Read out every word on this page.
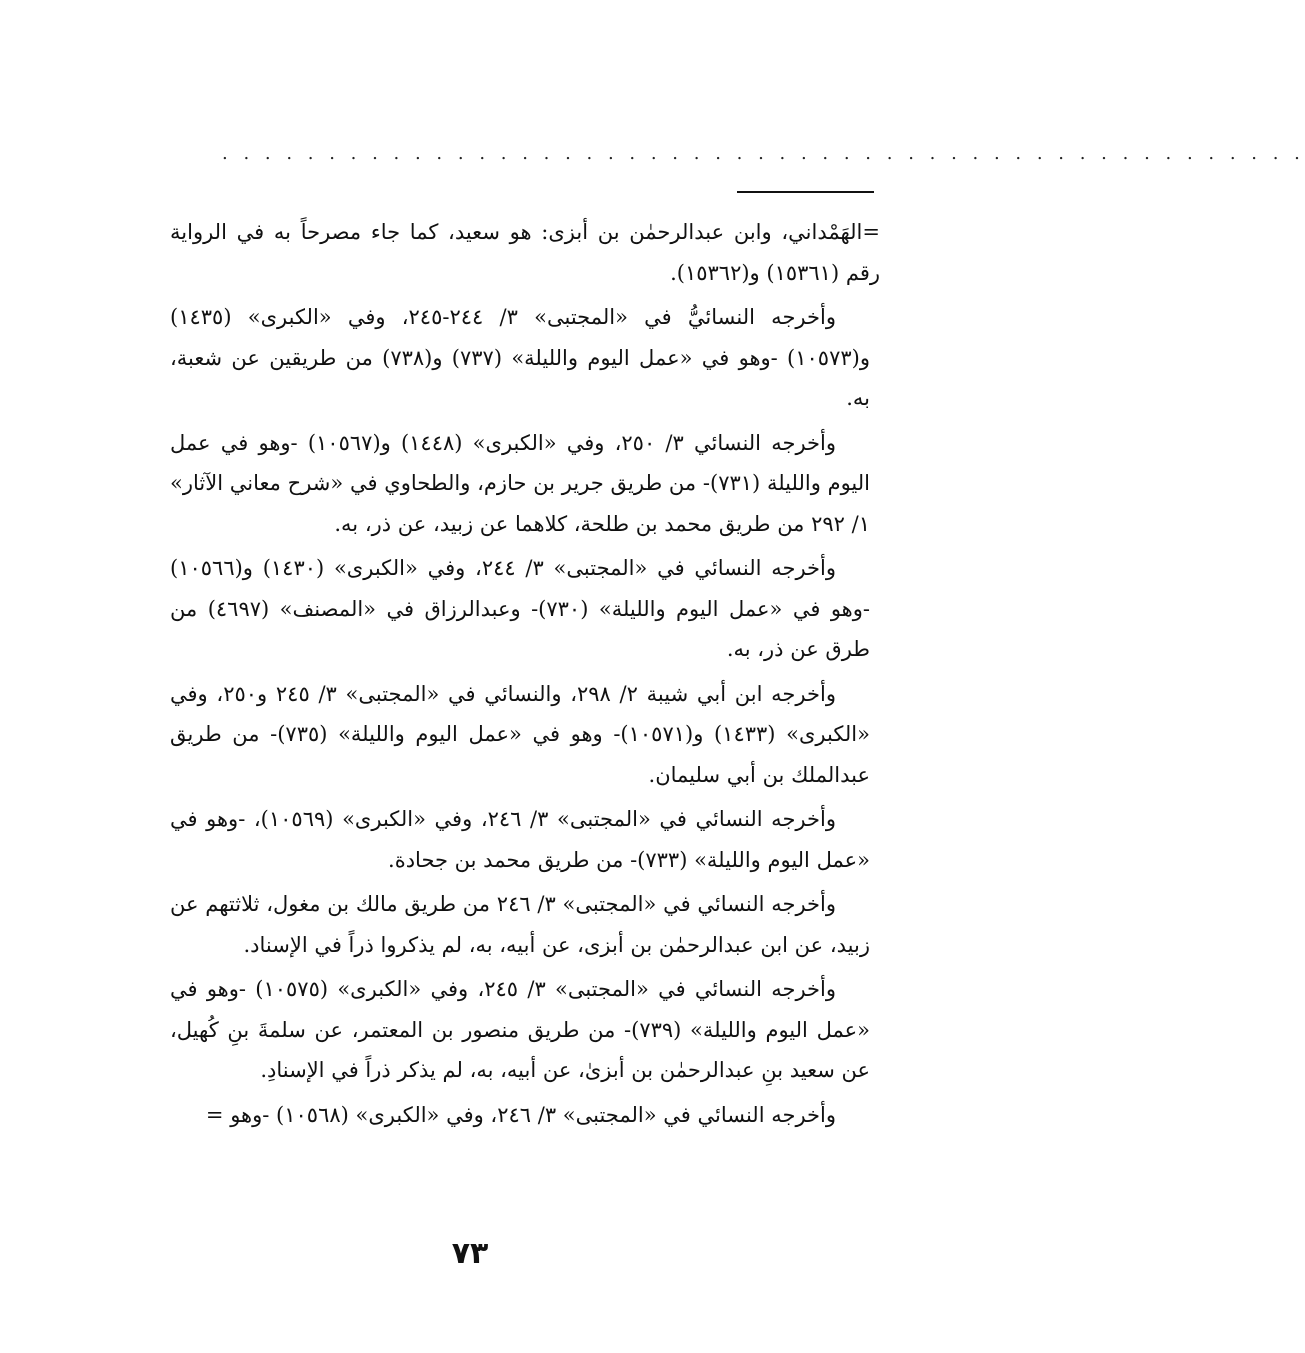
. . . . . . . . . . . . . . . . . . . . . . . . . . . . . . . . . . . . . . . . . . . . . . . . . . .

=الهَمْداني، وابن عبدالرحمٰن بن أبزى: هو سعيد، كما جاء مصرحاً به في الرواية رقم (١٥٣٦١) و(١٥٣٦٢).

وأخرجه النسائيُّ في «المجتبى» ٣/ ٢٤٤-٢٤٥، وفي «الكبرى» (١٤٣٥) و(١٠٥٧٣) -وهو في «عمل اليوم والليلة» (٧٣٧) و(٧٣٨) من طريقين عن شعبة، به.

وأخرجه النسائي ٣/ ٢٥٠، وفي «الكبرى» (١٤٤٨) و(١٠٥٦٧) -وهو في عمل اليوم والليلة (٧٣١)- من طريق جرير بن حازم، والطحاوي في «شرح معاني الآثار» ١/ ٢٩٢ من طريق محمد بن طلحة، كلاهما عن زبيد، عن ذر، به.

وأخرجه النسائي في «المجتبى» ٣/ ٢٤٤، وفي «الكبرى» (١٤٣٠) و(١٠٥٦٦) -وهو في «عمل اليوم والليلة» (٧٣٠)- وعبدالرزاق في «المصنف» (٤٦٩٧) من طرق عن ذر، به.

وأخرجه ابن أبي شيبة ٢/ ٢٩٨، والنسائي في «المجتبى» ٣/ ٢٤٥ و٢٥٠، وفي «الكبرى» (١٤٣٣) و(١٠٥٧١)- وهو في «عمل اليوم والليلة» (٧٣٥)- من طريق عبدالملك بن أبي سليمان.

وأخرجه النسائي في «المجتبى» ٣/ ٢٤٦، وفي «الكبرى» (١٠٥٦٩)، -وهو في «عمل اليوم والليلة» (٧٣٣)- من طريق محمد بن جحادة.

وأخرجه النسائي في «المجتبى» ٣/ ٢٤٦ من طريق مالك بن مغول، ثلاثتهم عن زبيد، عن ابن عبدالرحمٰن بن أبزى، عن أبيه، به، لم يذكروا ذراً في الإسناد.

وأخرجه النسائي في «المجتبى» ٣/ ٢٤٥، وفي «الكبرى» (١٠٥٧٥) -وهو في «عمل اليوم والليلة» (٧٣٩)- من طريق منصور بن المعتمر، عن سلمةَ بنِ كُهيل، عن سعيد بنِ عبدالرحمٰن بن أبزىٰ، عن أبيه، به، لم يذكر ذراً في الإسنادِ.

وأخرجه النسائي في «المجتبى» ٣/ ٢٤٦، وفي «الكبرى» (١٠٥٦٨) -وهو =

٧٣
